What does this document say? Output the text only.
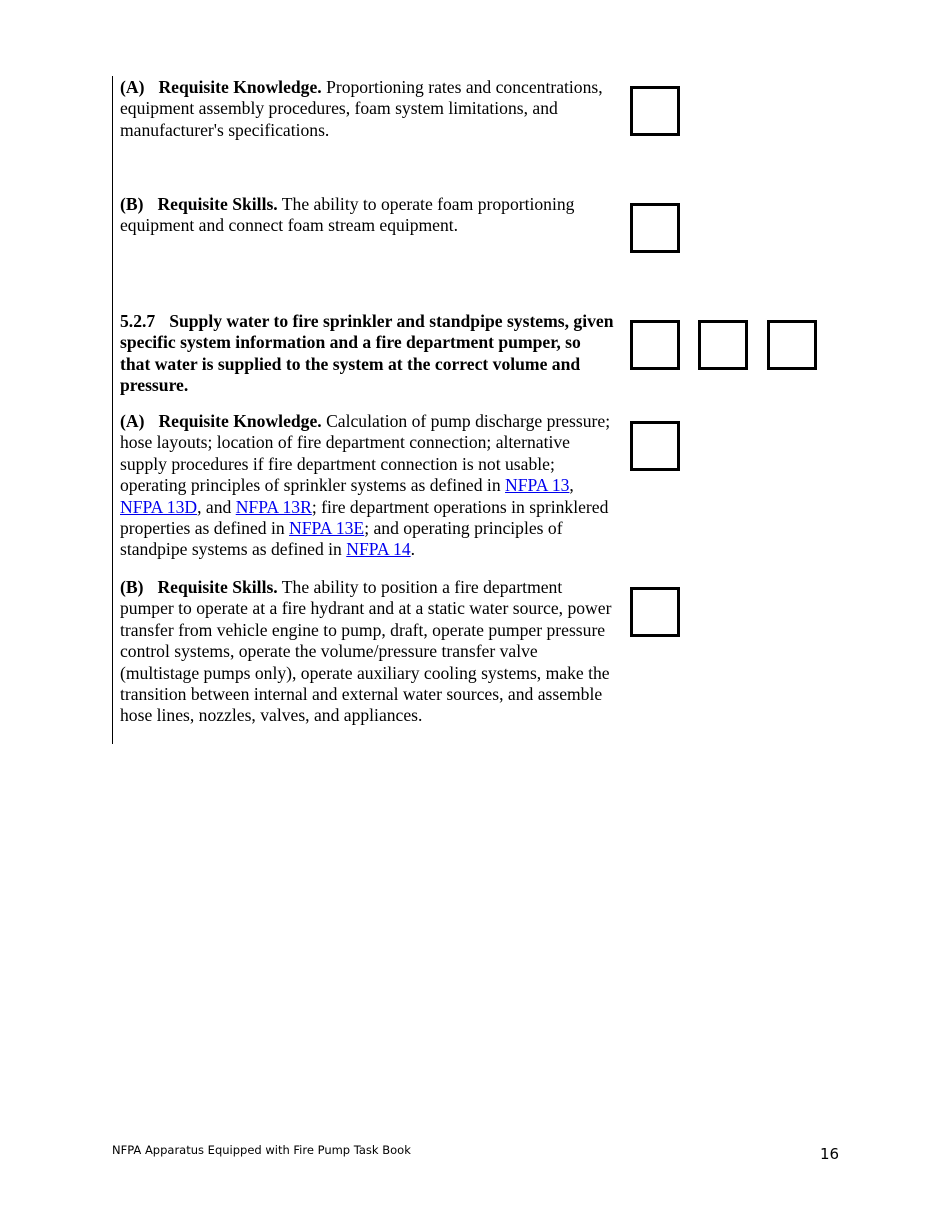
(A) Requisite Knowledge. Proportioning rates and concentrations, equipment assembly procedures, foam system limitations, and manufacturer's specifications.

(B) Requisite Skills. The ability to operate foam proportioning equipment and connect foam stream equipment.

5.2.7 Supply water to fire sprinkler and standpipe systems, given specific system information and a fire department pumper, so that water is supplied to the system at the correct volume and pressure.

(A) Requisite Knowledge. Calculation of pump discharge pressure; hose layouts; location of fire department connection; alternative supply procedures if fire department connection is not usable; operating principles of sprinkler systems as defined in NFPA 13, NFPA 13D, and NFPA 13R; fire department operations in sprinklered properties as defined in NFPA 13E; and operating principles of standpipe systems as defined in NFPA 14.

(B) Requisite Skills. The ability to position a fire department pumper to operate at a fire hydrant and at a static water source, power transfer from vehicle engine to pump, draft, operate pumper pressure control systems, operate the volume/pressure transfer valve (multistage pumps only), operate auxiliary cooling systems, make the transition between internal and external water sources, and assemble hose lines, nozzles, valves, and appliances.

NFPA Apparatus Equipped with Fire Pump Task Book	16
